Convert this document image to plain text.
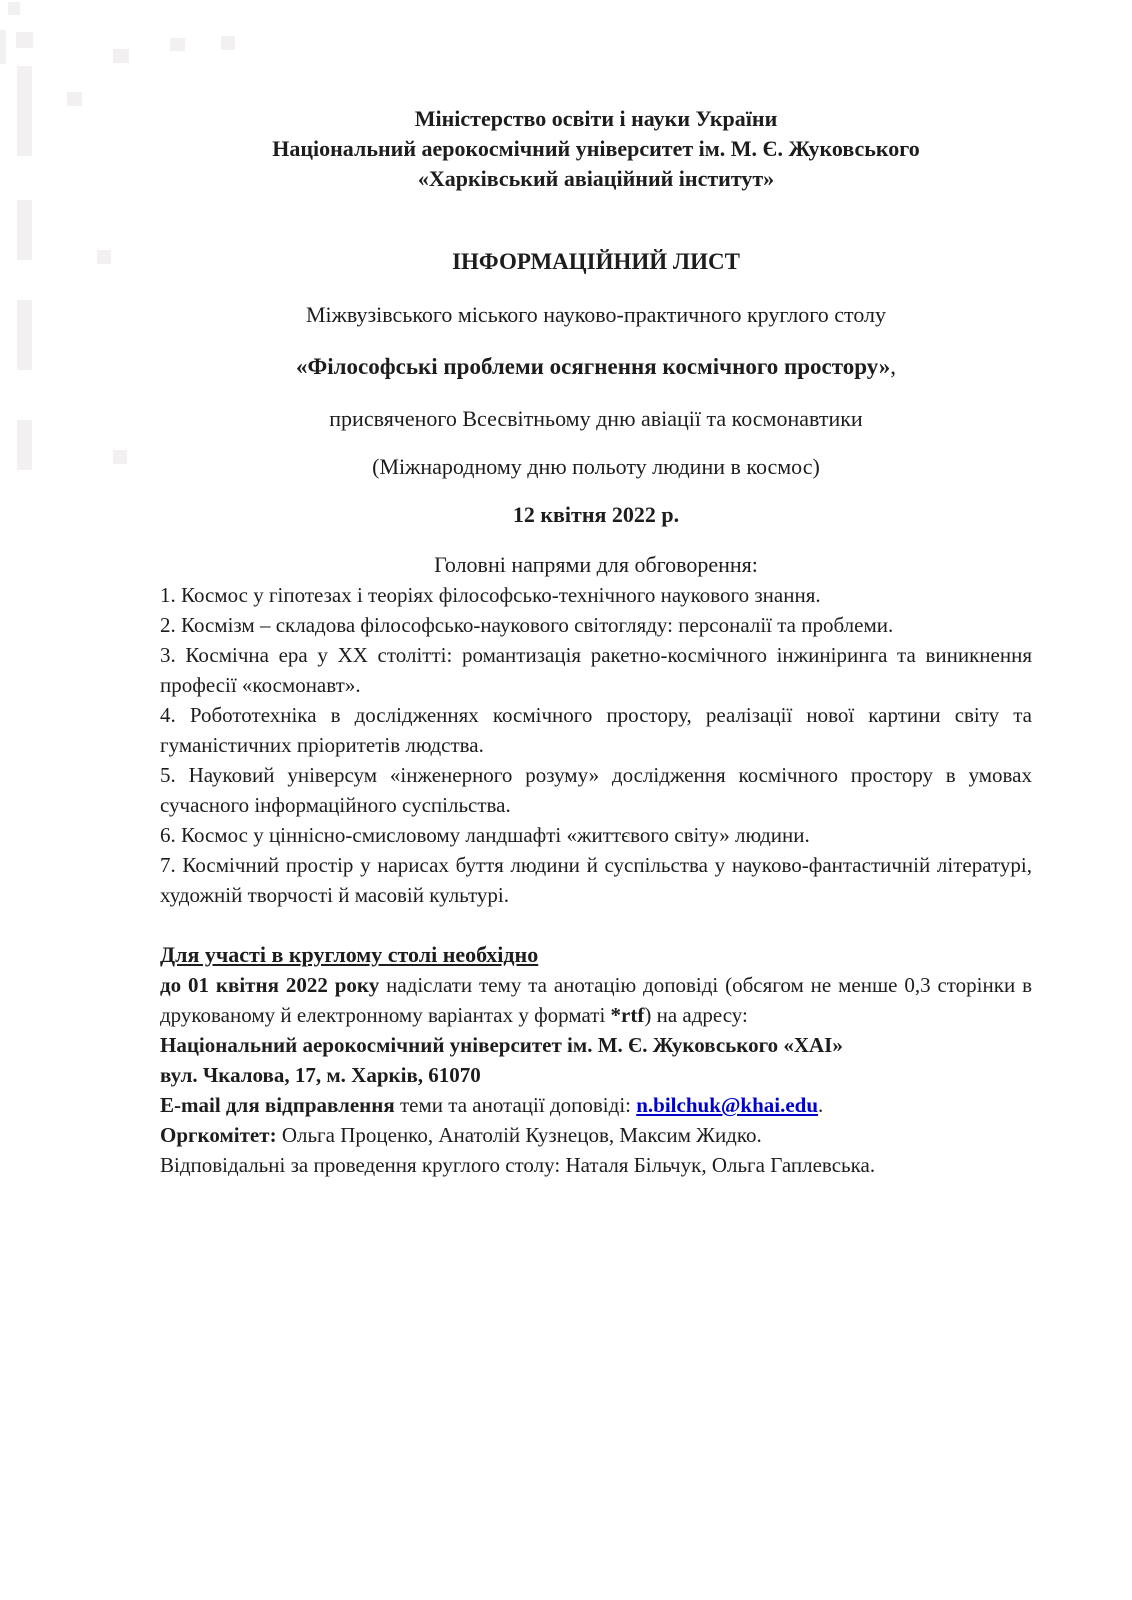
Міністерство освіти і науки України
Національний аерокосмічний університет ім. М. Є. Жуковського
«Харківський авіаційний інститут»
ІНФОРМАЦІЙНИЙ ЛИСТ
Міжвузівського міського науково-практичного круглого столу
«Філософські проблеми осягнення космічного простору»,
присвяченого Всесвітньому дню авіації та космонавтики
(Міжнародному дню польоту людини в космос)
12 квітня 2022 р.
Головні напрями для обговорення:

1. Космос у гіпотезах і теоріях філософсько-технічного наукового знання.

2. Космізм – складова філософсько-наукового світогляду: персоналії та проблеми.

3. Космічна ера у ХХ столітті: романтизація ракетно-космічного інжиніринга та виникнення професії «космонавт».

4. Робототехніка в дослідженнях космічного простору, реалізації нової картини світу та гуманістичних пріоритетів людства.

5. Науковий універсум «інженерного розуму» дослідження космічного простору в умовах сучасного інформаційного суспільства.

6. Космос у ціннісно-смисловому ландшафті «життєвого світу» людини.

7. Космічний простір у нарисах буття людини й суспільства у науково-фантастичній літературі, художній творчості й масовій культурі.

Для участі в круглому столі необхідно

до 01 квітня 2022 року надіслати тему та анотацію доповіді (обсягом не менше 0,3 сторінки в друкованому й електронному варіантах у форматі *rtf) на адресу:

Національний аерокосмічний університет ім. М. Є. Жуковського «ХАІ»

вул. Чкалова, 17, м. Харків, 61070

E-mail для відправлення теми та анотації доповіді: n.bilchuk@khai.edu.

Оргкомітет: Ольга Проценко, Анатолій Кузнецов, Максим Жидко.

Відповідальні за проведення круглого столу: Наталя Більчук, Ольга Гаплевська.
